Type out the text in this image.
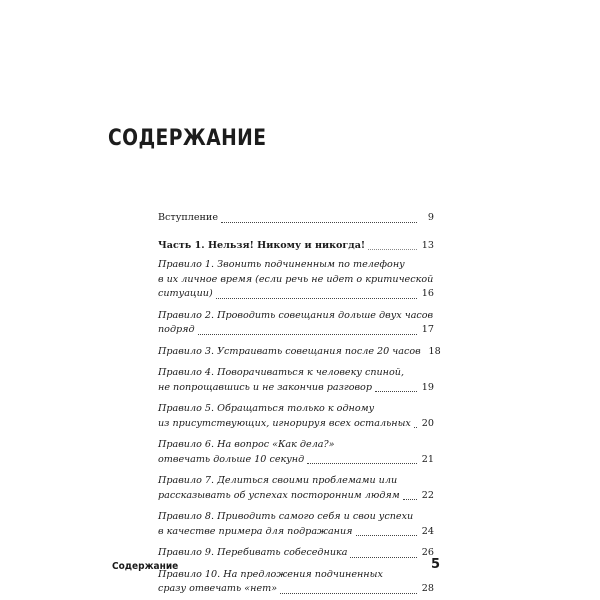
СОДЕРЖАНИЕ
Вступление	9
Часть 1. Нельзя! Никому и никогда!	13
Правило 1. Звонить подчиненным по телефону
в их личное время (если речь не идет о критической
ситуации)	16
Правило 2. Проводить совещания дольше двух часов
подряд	17
Правило 3. Устраивать совещания после 20 часов 18
Правило 4. Поворачиваться к человеку спиной,
не попрощавшись и не закончив разговор	19
Правило 5. Обращаться только к одному
из присутствующих, игнорируя всех остальных 20
Правило 6. На вопрос «Как дела?»
отвечать дольше 10 секунд	21
Правило 7. Делиться своими проблемами или
рассказывать об успехах посторонним людям 22
Правило 8. Приводить самого себя и свои успехи
в качестве примера для подражания	24
Правило 9. Перебивать собеседника	26
Правило 10. На предложения подчиненных
сразу отвечать «нет»	28
Содержание	5
